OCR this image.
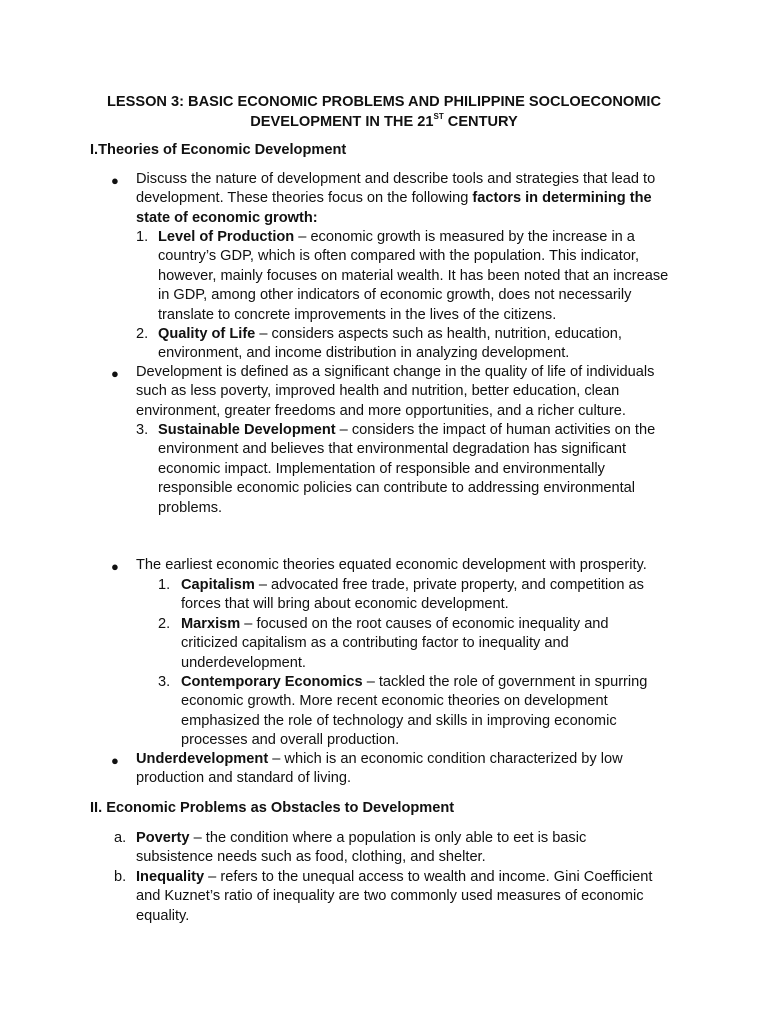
LESSON 3: BASIC ECONOMIC PROBLEMS AND PHILIPPINE SOCLOECONOMIC
DEVELOPMENT IN THE 21ST CENTURY
I.Theories of Economic Development
● Discuss the nature of development and describe tools and strategies that lead to development. These theories focus on the following factors in determining the state of economic growth:
1. Level of Production – economic growth is measured by the increase in a country’s GDP, which is often compared with the population. This indicator, however, mainly focuses on material wealth. It has been noted that an increase in GDP, among other indicators of economic growth, does not necessarily translate to concrete improvements in the lives of the citizens.
2. Quality of Life – considers aspects such as health, nutrition, education, environment, and income distribution in analyzing development.
● Development is defined as a significant change in the quality of life of individuals such as less poverty, improved health and nutrition, better education, clean environment, greater freedoms and more opportunities, and a richer culture.
3. Sustainable Development – considers the impact of human activities on the environment and believes that environmental degradation has significant economic impact. Implementation of responsible and environmentally responsible economic policies can contribute to addressing environmental problems.
● The earliest economic theories equated economic development with prosperity.
1. Capitalism – advocated free trade, private property, and competition as forces that will bring about economic development.
2. Marxism – focused on the root causes of economic inequality and criticized capitalism as a contributing factor to inequality and underdevelopment.
3. Contemporary Economics – tackled the role of government in spurring economic growth. More recent economic theories on development emphasized the role of technology and skills in improving economic processes and overall production.
● Underdevelopment – which is an economic condition characterized by low production and standard of living.
II. Economic Problems as Obstacles to Development
a. Poverty – the condition where a population is only able to eet is basic subsistence needs such as food, clothing, and shelter.
b. Inequality – refers to the unequal access to wealth and income. Gini Coefficient and Kuznet’s ratio of inequality are two commonly used measures of economic equality.
